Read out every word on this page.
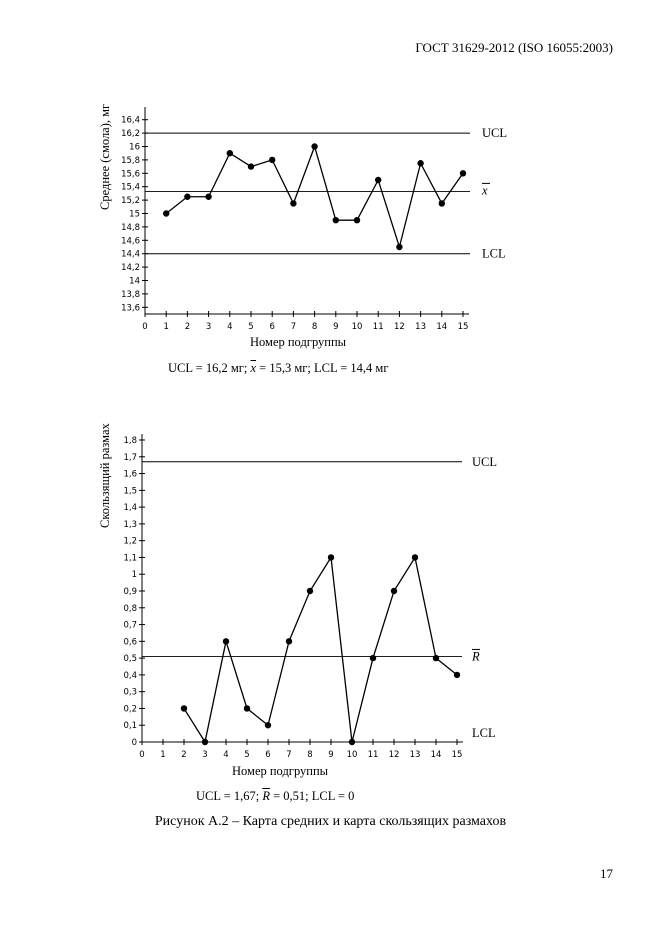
ГОСТ 31629-2012 (ISO 16055:2003)
Среднее (смола), мг
13,6
13,8
14
14,2
14,4
14,6
14,8
15
15,2
15,4
15,6
15,8
16
16,2
16,4
0 1 2 3 4 5 6 7 8 9 10 11 12 13 14 15
UCL
x
LCL
Номер подгруппы
UCL = 16,2 мг; $\overline{x} = 15,3$ мг; LCL = 14,4 мг
Скользящий размах
0
0,1
0,2
0,3
0,4
0,5
0,6
0,7
0,8
0,9
1
1,1
1,2
1,3
1,4
1,5
1,6
1,7
1,8
0 1 2 3 4 5 6 7 8 9 10 11 12 13 14 15
UCL
R
LCL
Номер подгруппы
UCL = 1,67; $\overline{R} = 0,51$; LCL = 0
Рисунок А.2 – Карта средних и карта скользящих размахов
17
